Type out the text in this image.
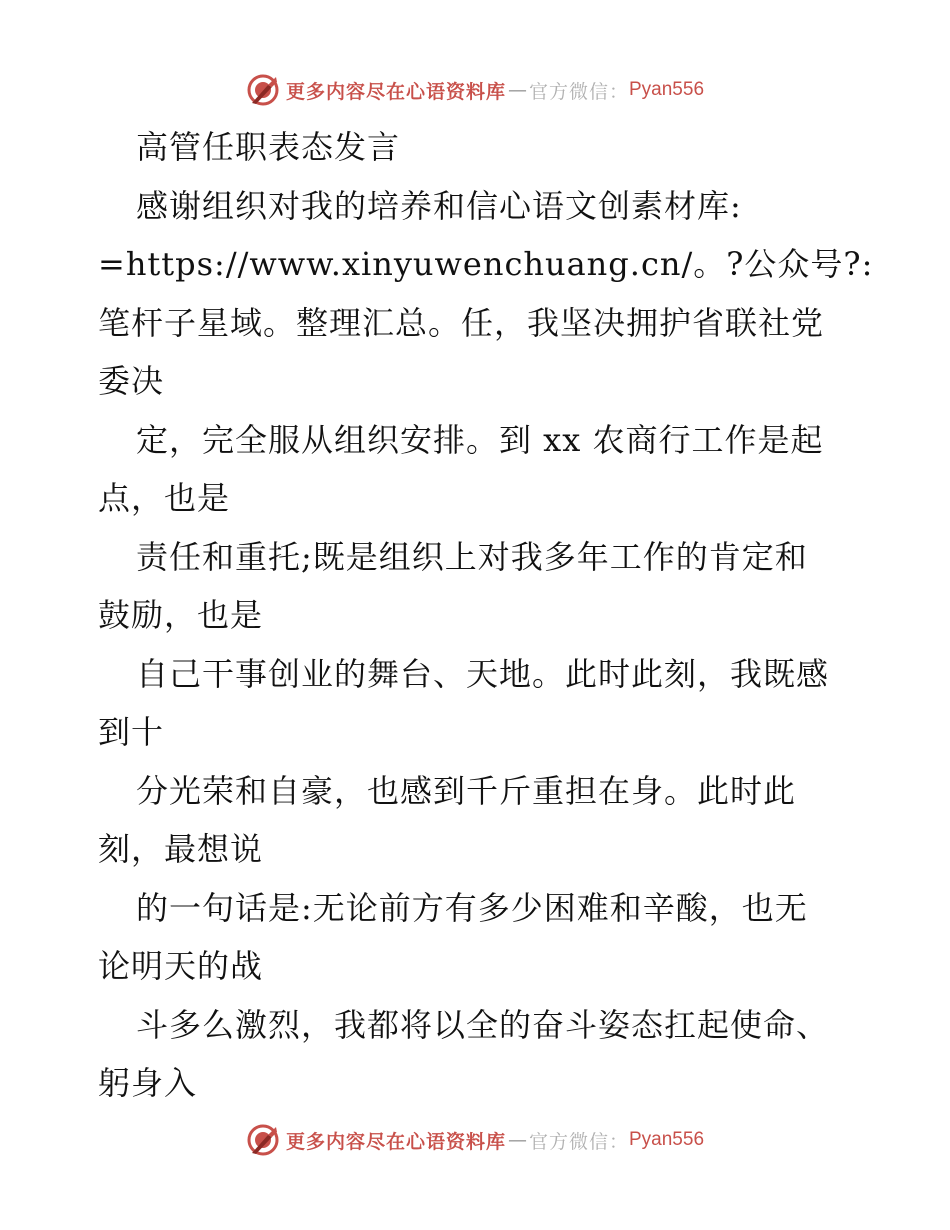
更多内容尽在心语资料库 — 官方微信： Pyan556
高管任职表态发言
感谢组织对我的培养和信心语文创素材库:
=https://www.xinyuwenchuang.cn/。?公众号?:
笔杆子星域。整理汇总。任，我坚决拥护省联社党
委决
定，完全服从组织安排。到 xx 农商行工作是起
点，也是
责任和重托;既是组织上对我多年工作的肯定和
鼓励，也是
自己干事创业的舞台、天地。此时此刻，我既感
到十
分光荣和自豪，也感到千斤重担在身。此时此
刻，最想说
的一句话是:无论前方有多少困难和辛酸，也无
论明天的战
斗多么激烈，我都将以全的奋斗姿态扛起使命、
躬身入
更多内容尽在心语资料库 — 官方微信： Pyan556
